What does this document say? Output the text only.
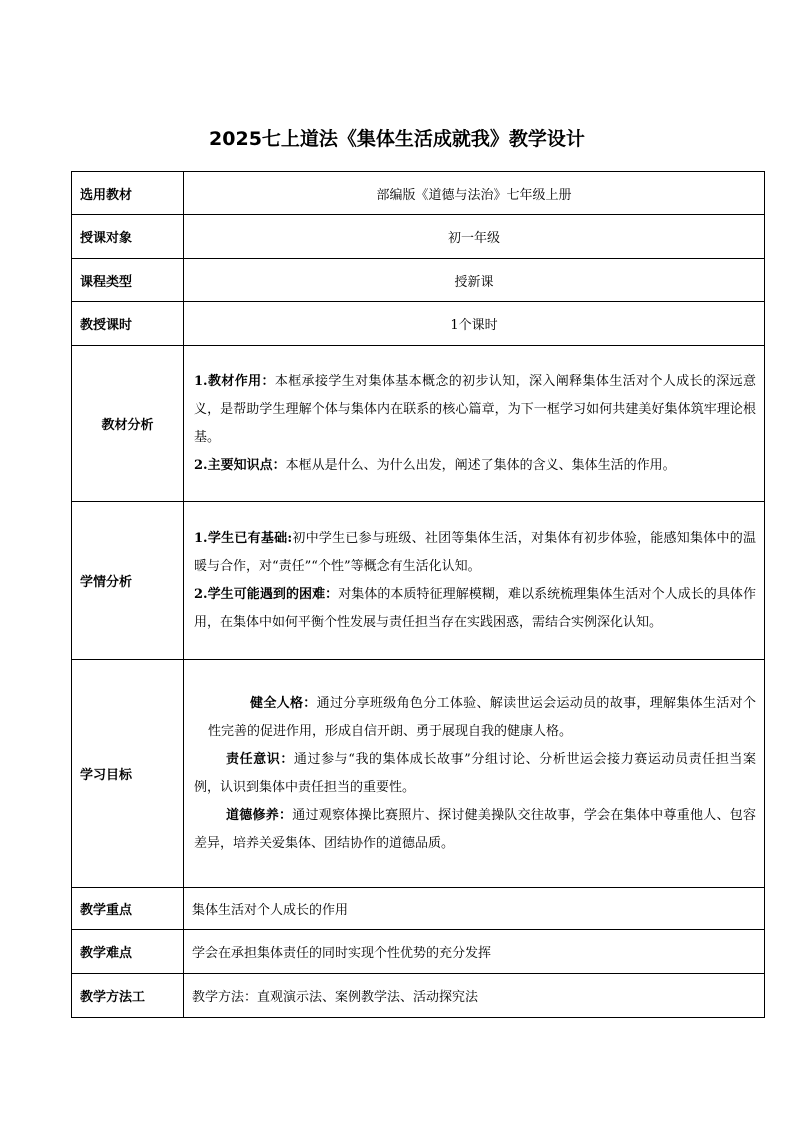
2025七上道法《集体生活成就我》教学设计
选用教材	部编版《道德与法治》七年级上册
授课对象	初一年级
课程类型	授新课
教授课时	1个课时
教材分析	1.教材作用：本框承接学生对集体基本概念的初步认知，深入阐释集体生活对个人成长的深远意义，是帮助学生理解个体与集体内在联系的核心篇章，为下一框学习如何共建美好集体筑牢理论根基。

2.主要知识点：本框从是什么、为什么出发，阐述了集体的含义、集体生活的作用。

学情分析	1.学生已有基础:初中学生已参与班级、社团等集体生活，对集体有初步体验，能感知集体中的温暖与合作，对“责任”“个性”等概念有生活化认知。

2.学生可能遇到的困难：对集体的本质特征理解模糊，难以系统梳理集体生活对个人成长的具体作用，在集体中如何平衡个性发展与责任担当存在实践困惑，需结合实例深化认知。

学习目标	健全人格：通过分享班级角色分工体验、解读世运会运动员的故事，理解集体生活对个性完善的促进作用，形成自信开朗、勇于展现自我的健康人格。

责任意识：通过参与“我的集体成长故事”分组讨论、分析世运会接力赛运动员责任担当案例，认识到集体中责任担当的重要性。

道德修养：通过观察体操比赛照片、探讨健美操队交往故事，学会在集体中尊重他人、包容差异，培养关爱集体、团结协作的道德品质。

教学重点	集体生活对个人成长的作用
教学难点	学会在承担集体责任的同时实现个性优势的充分发挥
教学方法工	教学方法：直观演示法、案例教学法、活动探究法
